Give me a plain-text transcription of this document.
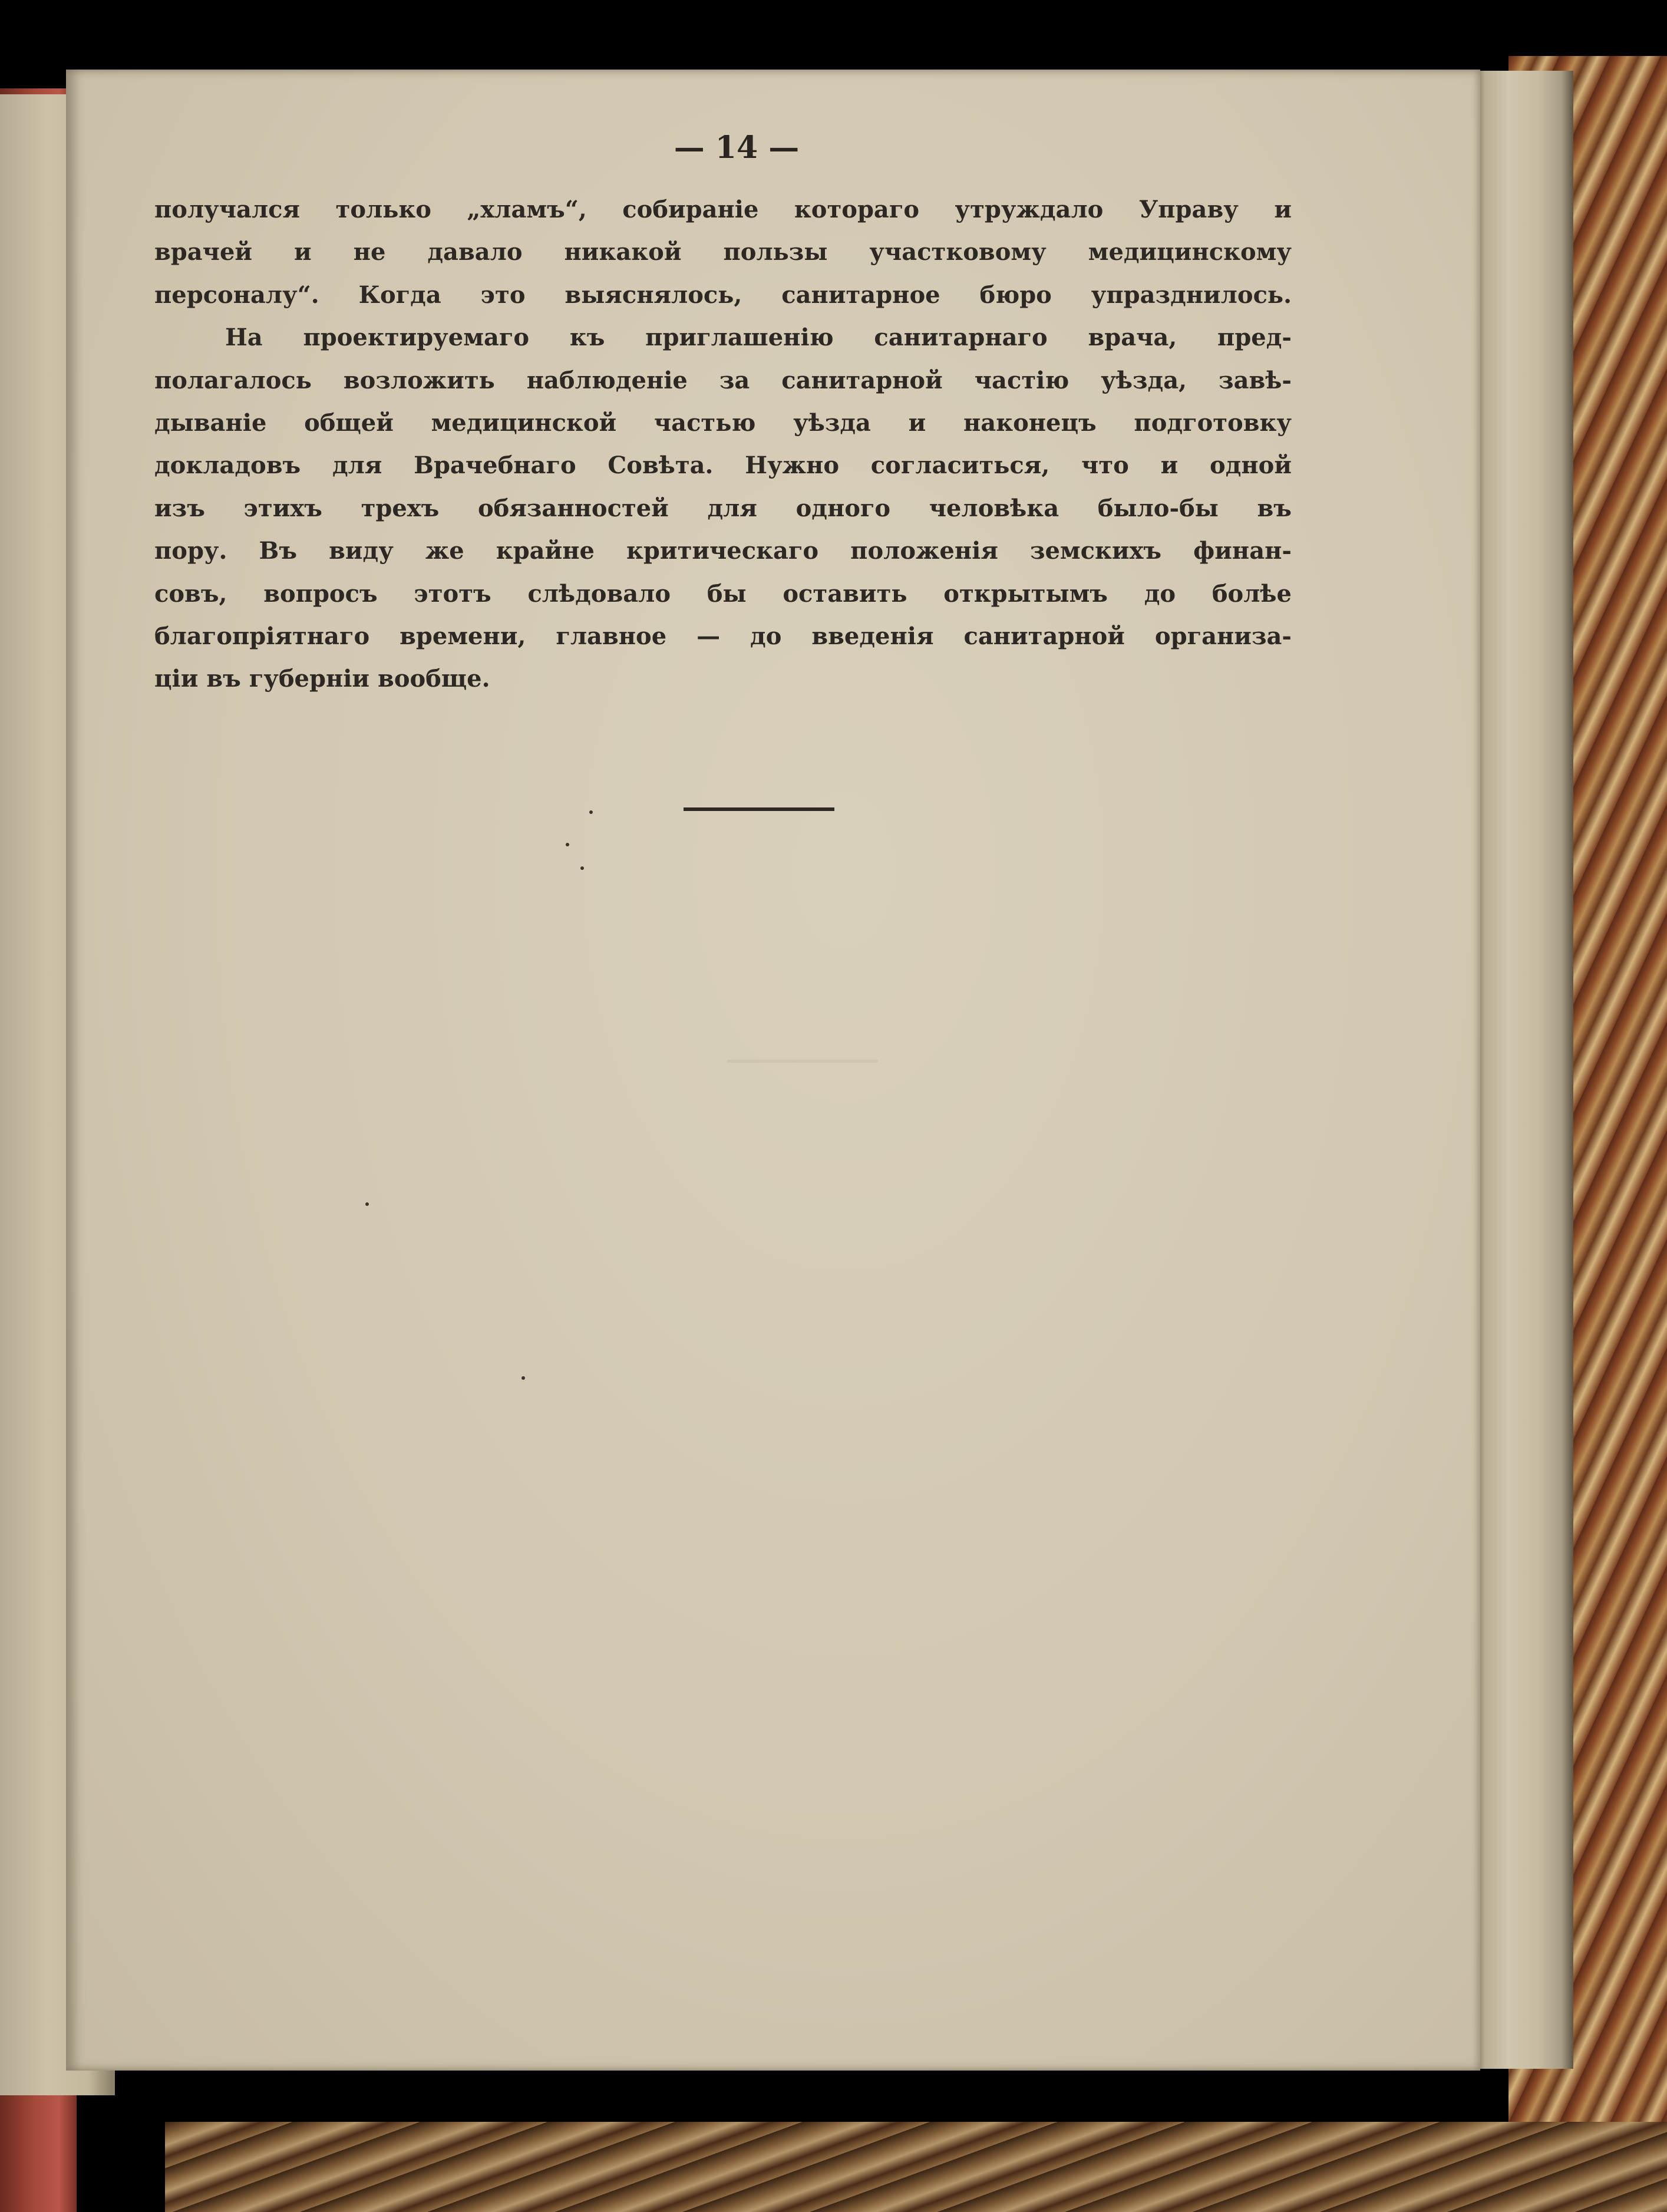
— 14 —
получался только „хламъ“, собираніе котораго утруждало Управу и
врачей и не давало никакой пользы участковому медицинскому
персоналу“. Когда это выяснялось, санитарное бюро упразднилось.
На проектируемаго къ приглашенію санитарнаго врача, пред-
полагалось возложить наблюденіе за санитарной частію уѣзда, завѣ-
дываніе общей медицинской частью уѣзда и наконецъ подготовку
докладовъ для Врачебнаго Совѣта. Нужно согласиться, что и одной
изъ этихъ трехъ обязанностей для одного человѣка было-бы въ
пору. Въ виду же крайне критическаго положенія земскихъ финан-
совъ, вопросъ этотъ слѣдовало бы оставить открытымъ до болѣе
благопріятнаго времени, главное — до введенія санитарной организа-
ціи въ губерніи вообще.
